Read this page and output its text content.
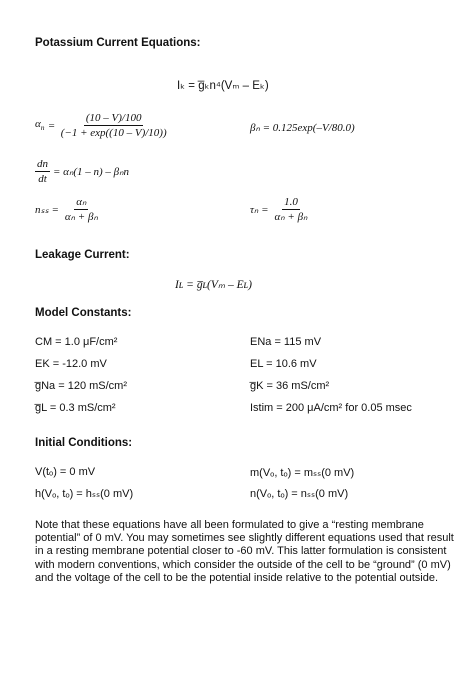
Potassium Current Equations:
Leakage Current:
Model Constants:
Initial Conditions:
Iₖ = g̅ₖn⁴(Vₘ – Eₖ)
$\alpha_n = \frac{(10 - V)/100}{(-1 + \exp((10 - V)/10))}$	βₙ = 0.125exp(–V/80.0)
$\frac{dn}{dt} = \alpha_n(1 - n) - \beta_nn$
$n_{ss} = \frac{\text{αₙ}}{\text{αₙ + βₙ}}$	$\tau_n = \frac{1.0}{\text{αₙ + βₙ}}$
Iʟ = g̅ʟ(Vₘ – Eʟ)
CM = 1.0 μF/cm²
EK = -12.0 mV
g̅Na = 120 mS/cm²
g̅L = 0.3 mS/cm²
ENa = 115 mV
EL = 10.6 mV
g̅K = 36 mS/cm²
Istim = 200 μA/cm² for 0.05 msec
V(tₒ) = 0 mV
h(Vₒ, tₒ) = hₛₛ(0 mV)
m(Vₒ, tₒ) = mₛₛ(0 mV)
n(Vₒ, tₒ) = nₛₛ(0 mV)
Note that these equations have all been formulated to give a “resting membrane potential” of 0 mV. You may sometimes see slightly different equations used that result in a resting membrane potential closer to -60 mV. This latter formulation is consistent with modern conventions, which consider the outside of the cell to be “ground” (0 mV) and the voltage of the cell to be the potential inside relative to the potential outside.
